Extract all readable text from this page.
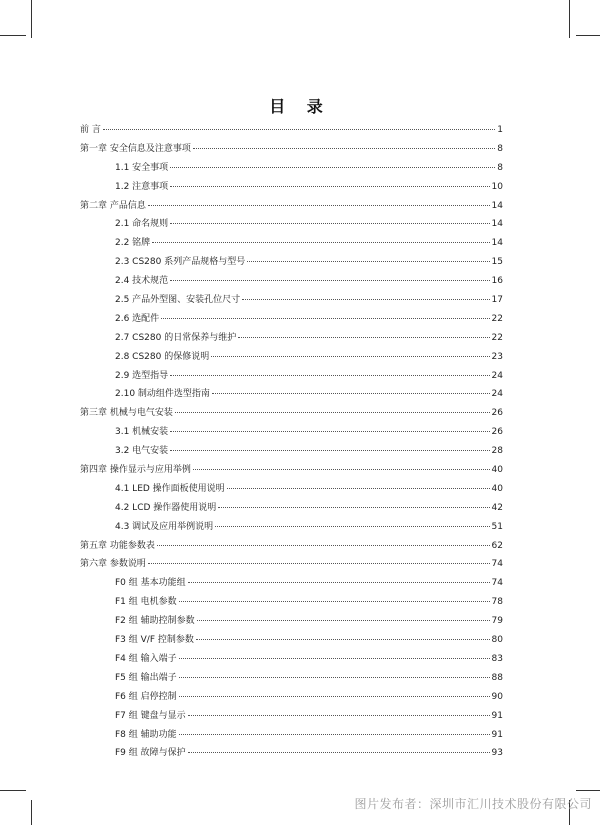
目 录
前 言	1
第一章 安全信息及注意事项	8
1.1 安全事项	8
1.2 注意事项	10
第二章 产品信息	14
2.1 命名规则	14
2.2 铭牌	14
2.3 CS280 系列产品规格与型号	15
2.4 技术规范	16
2.5 产品外型图、安装孔位尺寸	17
2.6 选配件	22
2.7 CS280 的日常保养与维护	22
2.8 CS280 的保修说明	23
2.9 选型指导	24
2.10 制动组件选型指南	24
第三章 机械与电气安装	26
3.1 机械安装	26
3.2 电气安装	28
第四章 操作显示与应用举例	40
4.1 LED 操作面板使用说明	40
4.2 LCD 操作器使用说明	42
4.3 调试及应用举例说明	51
第五章 功能参数表	62
第六章 参数说明	74
F0 组 基本功能组	74
F1 组 电机参数	78
F2 组 辅助控制参数	79
F3 组 V/F 控制参数	80
F4 组 输入端子	83
F5 组 输出端子	88
F6 组 启停控制	90
F7 组 键盘与显示	91
F8 组 辅助功能	91
F9 组 故障与保护	93
图片发布者：深圳市汇川技术股份有限公司
